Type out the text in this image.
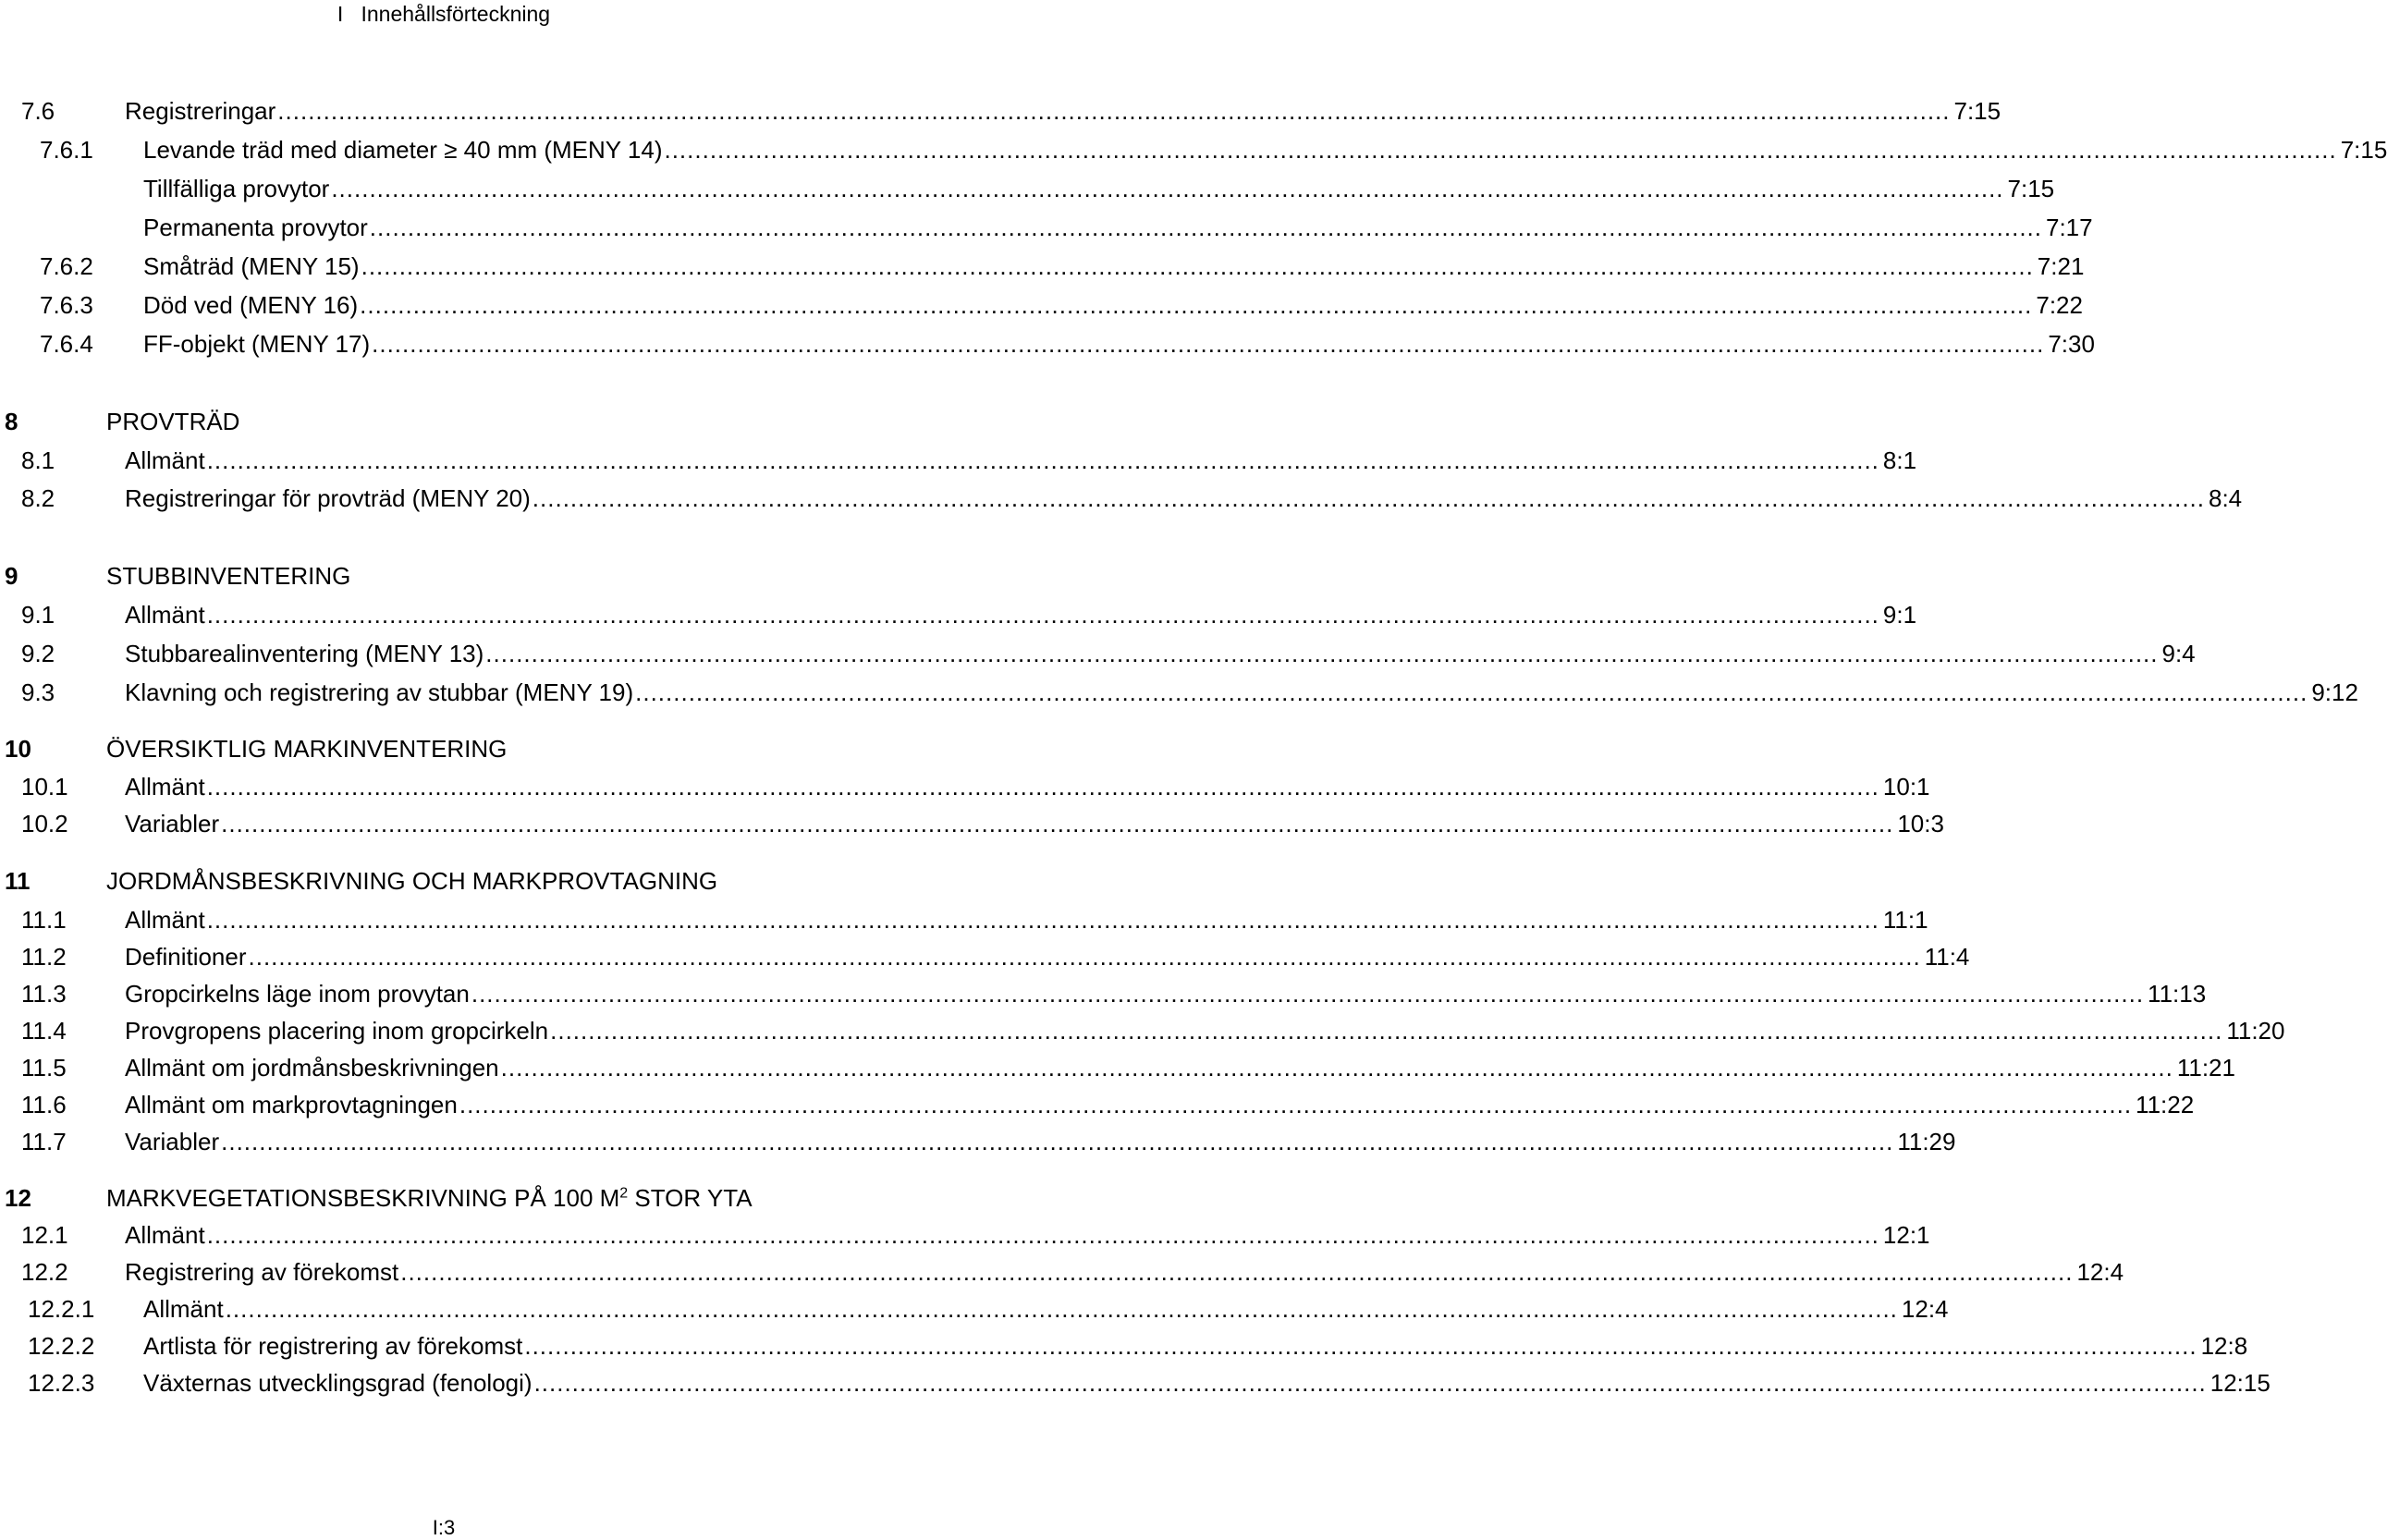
I   Innehållsförteckning
7.6	Registreringar ............................................................................................................................................................................................................................ 7:15
7.6.1 Levande träd med diameter ≥ 40 mm (MENY 14) ............................................................................................................................................................................................................................ 7:15
Tillfälliga provytor ............................................................................................................................................................................................................................ 7:15
Permanenta provytor ............................................................................................................................................................................................................................ 7:17
7.6.2 Småträd (MENY 15) ............................................................................................................................................................................................................................ 7:21
7.6.3 Död ved (MENY 16) ............................................................................................................................................................................................................................ 7:22
7.6.4 FF-objekt (MENY 17) ............................................................................................................................................................................................................................ 7:30
8	PROVTRÄD
8.1	Allmänt ............................................................................................................................................................................................................................ 8:1
8.2	Registreringar för provträd (MENY 20) ............................................................................................................................................................................................................................ 8:4
9	STUBBINVENTERING
9.1	Allmänt ............................................................................................................................................................................................................................ 9:1
9.2	Stubbarealinventering (MENY 13) ............................................................................................................................................................................................................................ 9:4
9.3	Klavning och registrering av stubbar (MENY 19) ............................................................................................................................................................................................................................ 9:12
10	ÖVERSIKTLIG MARKINVENTERING
10.1 Allmänt ............................................................................................................................................................................................................................ 10:1
10.2 Variabler ............................................................................................................................................................................................................................ 10:3
11	JORDMÅNSBESKRIVNING OCH MARKPROVTAGNING
11.1 Allmänt ............................................................................................................................................................................................................................ 11:1
11.2 Definitioner ............................................................................................................................................................................................................................ 11:4
11.3 Gropcirkelns läge inom provytan ............................................................................................................................................................................................................................ 11:13
11.4 Provgropens placering inom gropcirkeln ............................................................................................................................................................................................................................ 11:20
11.5 Allmänt om jordmånsbeskrivningen ............................................................................................................................................................................................................................ 11:21
11.6 Allmänt om markprovtagningen ............................................................................................................................................................................................................................ 11:22
11.7 Variabler ............................................................................................................................................................................................................................ 11:29
12	MARKVEGETATIONSBESKRIVNING PÅ 100 $M^2$ STOR YTA
12.1 Allmänt ............................................................................................................................................................................................................................ 12:1
12.2 Registrering av förekomst ............................................................................................................................................................................................................................ 12:4
12.2.1 Allmänt ............................................................................................................................................................................................................................ 12:4
12.2.2 Artlista för registrering av förekomst ............................................................................................................................................................................................................................ 12:8
12.2.3 Växternas utvecklingsgrad (fenologi) ............................................................................................................................................................................................................................ 12:15
I:3
